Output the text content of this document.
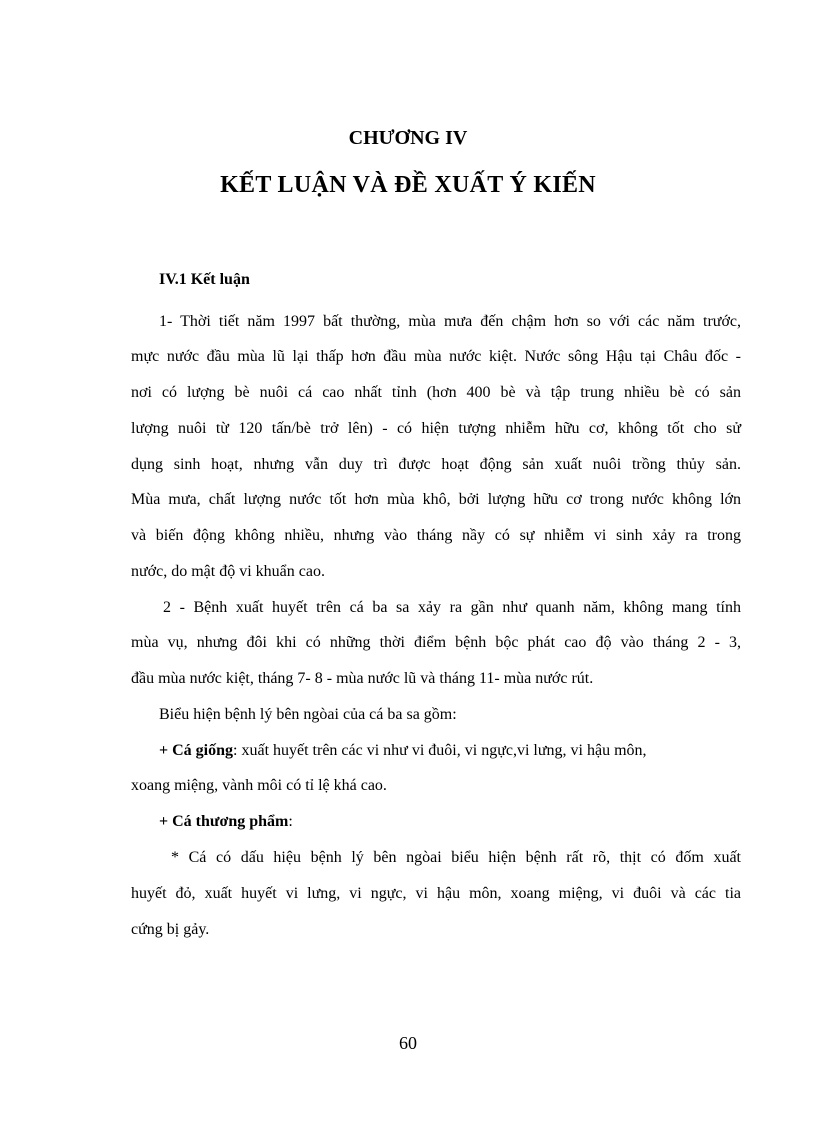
CHƯƠNG IV
KẾT LUẬN VÀ ĐỀ XUẤT Ý KIẾN
IV.1 Kết luận
1- Thời tiết năm 1997 bất thường, mùa mưa đến chậm hơn so với các năm trước,
mực nước đầu mùa lũ lại thấp hơn đầu mùa nước kiệt. Nước sông Hậu tại Châu đốc -
nơi có lượng bè nuôi cá cao nhất tỉnh (hơn 400 bè và tập trung nhiều bè có sản
lượng nuôi từ 120 tấn/bè trở lên) - có hiện tượng nhiễm hữu cơ, không tốt cho sử
dụng sinh hoạt, nhưng vẫn duy trì được hoạt động sản xuất nuôi trồng thủy sản.
Mùa mưa, chất lượng nước tốt hơn mùa khô, bởi lượng hữu cơ trong nước không lớn
và biến động không nhiều, nhưng vào tháng nầy có sự nhiễm vi sinh xảy ra trong
nước, do mật độ vi khuẩn cao.
2 - Bệnh xuất huyết trên cá ba sa xảy ra gần như quanh năm, không mang tính
mùa vụ, nhưng đôi khi có những thời điểm bệnh bộc phát cao độ vào tháng 2 - 3,
đầu mùa nước kiệt, tháng 7- 8 - mùa nước lũ và tháng 11- mùa nước rút.
Biểu hiện bệnh lý bên ngòai của cá ba sa gồm:
+ Cá giống: xuất huyết trên các vi như vi đuôi, vi ngực,vi lưng, vi hậu môn,
xoang miệng, vành môi có tỉ lệ khá cao.
+ Cá thương phẩm:
* Cá có dấu hiệu bệnh lý bên ngòai biểu hiện bệnh rất rõ, thịt có đốm xuất
huyết đỏ, xuất huyết vi lưng, vi ngực, vi hậu môn, xoang miệng, vi đuôi và các tia
cứng bị gảy.
60
